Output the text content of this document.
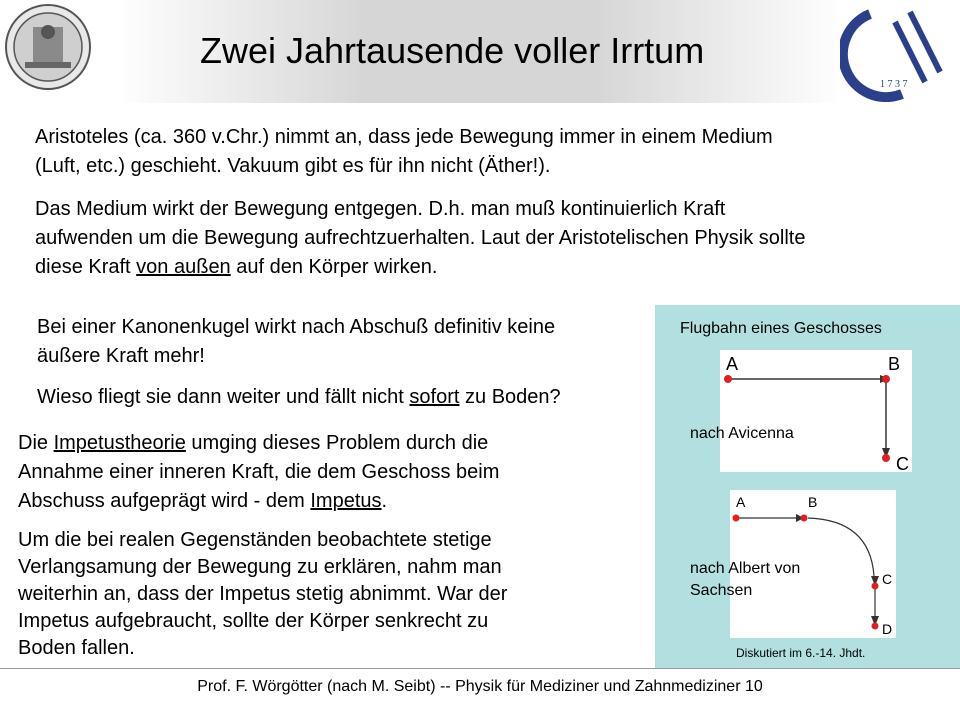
1 7 3 7
Zwei Jahrtausende voller Irrtum
Aristoteles (ca. 360 v.Chr.) nimmt an, dass jede Bewegung immer in einem Medium
(Luft, etc.) geschieht. Vakuum gibt es für ihn nicht (Äther!).
Das Medium wirkt der Bewegung entgegen. D.h. man muß kontinuierlich Kraft
aufwenden um die Bewegung aufrechtzuerhalten. Laut der Aristotelischen Physik sollte
diese Kraft von außen auf den Körper wirken.
Bei einer Kanonenkugel wirkt nach Abschuß definitiv keine
äußere Kraft mehr!
Wieso fliegt sie dann weiter und fällt nicht sofort zu Boden?
Die Impetustheorie umging dieses Problem durch die
Annahme einer inneren Kraft, die dem Geschoss beim
Abschuss aufgeprägt wird - dem Impetus.
Um die bei realen Gegenständen beobachtete stetige
Verlangsamung der Bewegung zu erklären, nahm man
weiterhin an, dass der Impetus stetig abnimmt. War der
Impetus aufgebraucht, sollte der Körper senkrecht zu
Boden fallen.
Flugbahn eines Geschosses
A	B
C
nach Avicenna
A	B
C
D
nach Albert von
Sachsen
Diskutiert im 6.-14. Jhdt.
Prof. F. Wörgötter (nach M. Seibt) -- Physik für Mediziner und Zahnmediziner 10
